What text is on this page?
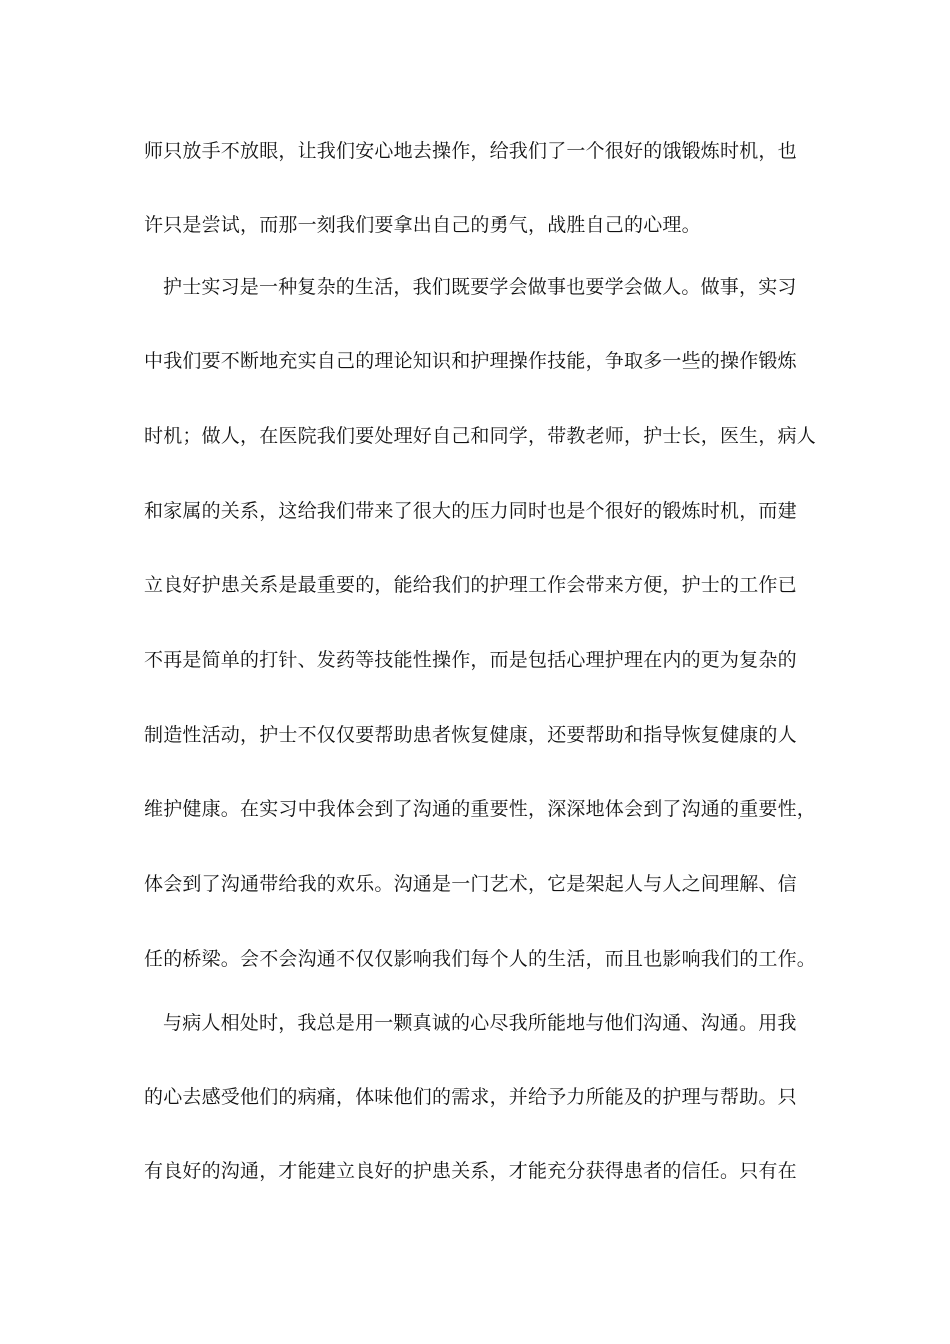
师只放手不放眼，让我们安心地去操作，给我们了一个很好的饿锻炼时机，也
许只是尝试，而那一刻我们要拿出自己的勇气，战胜自己的心理。
护士实习是一种复杂的生活，我们既要学会做事也要学会做人。做事，实习
中我们要不断地充实自己的理论知识和护理操作技能，争取多一些的操作锻炼
时机；做人，在医院我们要处理好自己和同学，带教老师，护士长，医生，病人
和家属的关系，这给我们带来了很大的压力同时也是个很好的锻炼时机，而建
立良好护患关系是最重要的，能给我们的护理工作会带来方便，护士的工作已
不再是简单的打针、发药等技能性操作，而是包括心理护理在内的更为复杂的
制造性活动，护士不仅仅要帮助患者恢复健康，还要帮助和指导恢复健康的人
维护健康。在实习中我体会到了沟通的重要性，深深地体会到了沟通的重要性，
体会到了沟通带给我的欢乐。沟通是一门艺术，它是架起人与人之间理解、信
任的桥梁。会不会沟通不仅仅影响我们每个人的生活，而且也影响我们的工作。
与病人相处时，我总是用一颗真诚的心尽我所能地与他们沟通、沟通。用我
的心去感受他们的病痛，体味他们的需求，并给予力所能及的护理与帮助。只
有良好的沟通，才能建立良好的护患关系，才能充分获得患者的信任。只有在
